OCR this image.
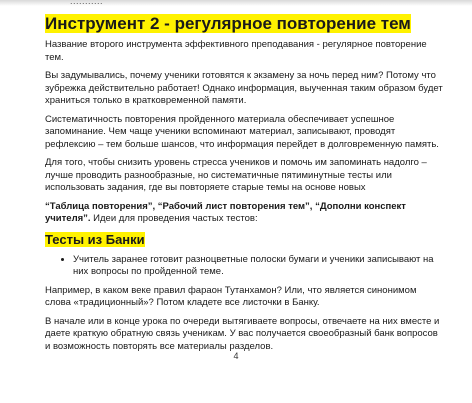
...........
Инструмент 2 - регулярное повторение тем

Название второго инструмента эффективного преподавания - регулярное повторение тем.

Вы задумывались, почему ученики готовятся к экзамену за ночь перед ним? Потому что зубрежка действительно работает! Однако информация, выученная таким образом будет храниться только в кратковременной памяти.

Систематичность повторения пройденного материала обеспечивает успешное запоминание. Чем чаще ученики вспоминают материал, записывают, проводят рефлексию – тем больше шансов, что информация перейдет в долговременную память.

Для того, чтобы снизить уровень стресса учеников и помочь им запоминать надолго – лучше проводить разнообразные, но систематичные пятиминутные тесты или использовать задания, где вы повторяете старые темы на основе новых

“Таблица повторения”, “Рабочий лист повторения тем”, “Дополни конспект учителя”. Идеи для проведения частых тестов:

Тесты из Банки
• Учитель заранее готовит разноцветные полоски бумаги и ученики записывают на них вопросы по пройденной теме.

Например, в каком веке правил фараон Тутанхамон? Или, что является синонимом слова «традиционный»? Потом кладете все листочки в Банку.

В начале или в конце урока по очереди вытягиваете вопросы, отвечаете на них вместе и даете краткую обратную связь ученикам. У вас получается своеобразный банк вопросов и возможность повторять все материалы разделов.

4
